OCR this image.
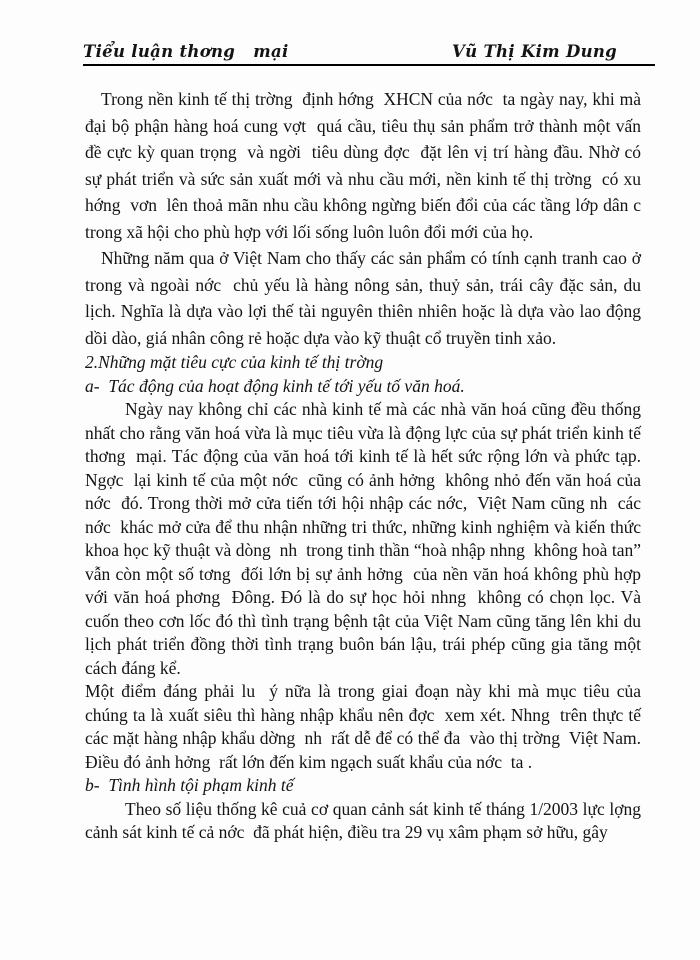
Tiểu luận thơng   mại	Vũ Thị Kim Dung

Trong nền kinh tế thị trờng  định hớng  XHCN của nớc  ta ngày nay, khi mà đại bộ phận hàng hoá cung vợt  quá cầu, tiêu thụ sản phẩm trở thành một vấn đề cực kỳ quan trọng  và ngời  tiêu dùng đợc  đặt lên vị trí hàng đầu. Nhờ có sự phát triển và sức sản xuất mới và nhu cầu mới, nền kinh tế thị trờng  có xu hớng  vơn  lên thoả mãn nhu cầu không ngừng biến đổi của các tầng lớp dân c  trong xã hội cho phù hợp với lối sống luôn luôn đổi mới của họ.

Những năm qua ở Việt Nam cho thấy các sản phẩm có tính cạnh tranh cao ở trong và ngoài nớc  chủ yếu là hàng nông sản, thuỷ sản, trái cây đặc sản, du lịch. Nghĩa là dựa vào lợi thế tài nguyên thiên nhiên hoặc là dựa vào lao động dồi dào, giá nhân công rẻ hoặc dựa vào kỹ thuật cổ truyền tinh xảo.

2.Những mặt tiêu cực của kinh tế thị trờng

a-  Tác động của hoạt động kinh tế tới yếu tố văn hoá.

Ngày nay không chỉ các nhà kinh tế mà các nhà văn hoá cũng đều thống nhất cho rằng văn hoá vừa là mục tiêu vừa là động lực của sự phát triển kinh tế thơng  mại. Tác động của văn hoá tới kinh tế là hết sức rộng lớn và phức tạp. Ngợc  lại kinh tế của một nớc  cũng có ảnh hởng  không nhỏ đến văn hoá của nớc  đó. Trong thời mở cửa tiến tới hội nhập các nớc,  Việt Nam cũng nh  các nớc  khác mở cửa để thu nhận những tri thức, những kinh nghiệm và kiến thức khoa học kỹ thuật và dòng  nh  trong tinh thần “hoà nhập nhng  không hoà tan” vẫn còn một số tơng  đối lớn bị sự ảnh hởng  của nền văn hoá không phù hợp với văn hoá phơng  Đông. Đó là do sự học hỏi nhng  không có chọn lọc. Và cuốn theo cơn lốc đó thì tình trạng bệnh tật của Việt Nam cũng tăng lên khi du lịch phát triển đồng thời tình trạng buôn bán lậu, trái phép cũng gia tăng một cách đáng kể.

Một điểm đáng phải lu  ý nữa là trong giai đoạn này khi mà mục tiêu của chúng ta là xuất siêu thì hàng nhập khẩu nên đợc  xem xét. Nhng  trên thực tế các mặt hàng nhập khẩu dờng  nh  rất dễ để có thể đa  vào thị trờng  Việt Nam. Điều đó ảnh hởng  rất lớn đến kim ngạch suất khẩu của nớc  ta .

b-  Tình hình tội phạm kinh tế

Theo số liệu thống kê cuả cơ quan cảnh sát kinh tế tháng 1/2003 lực lợng cảnh sát kinh tế cả nớc  đã phát hiện, điều tra 29 vụ xâm phạm sở hữu, gây
